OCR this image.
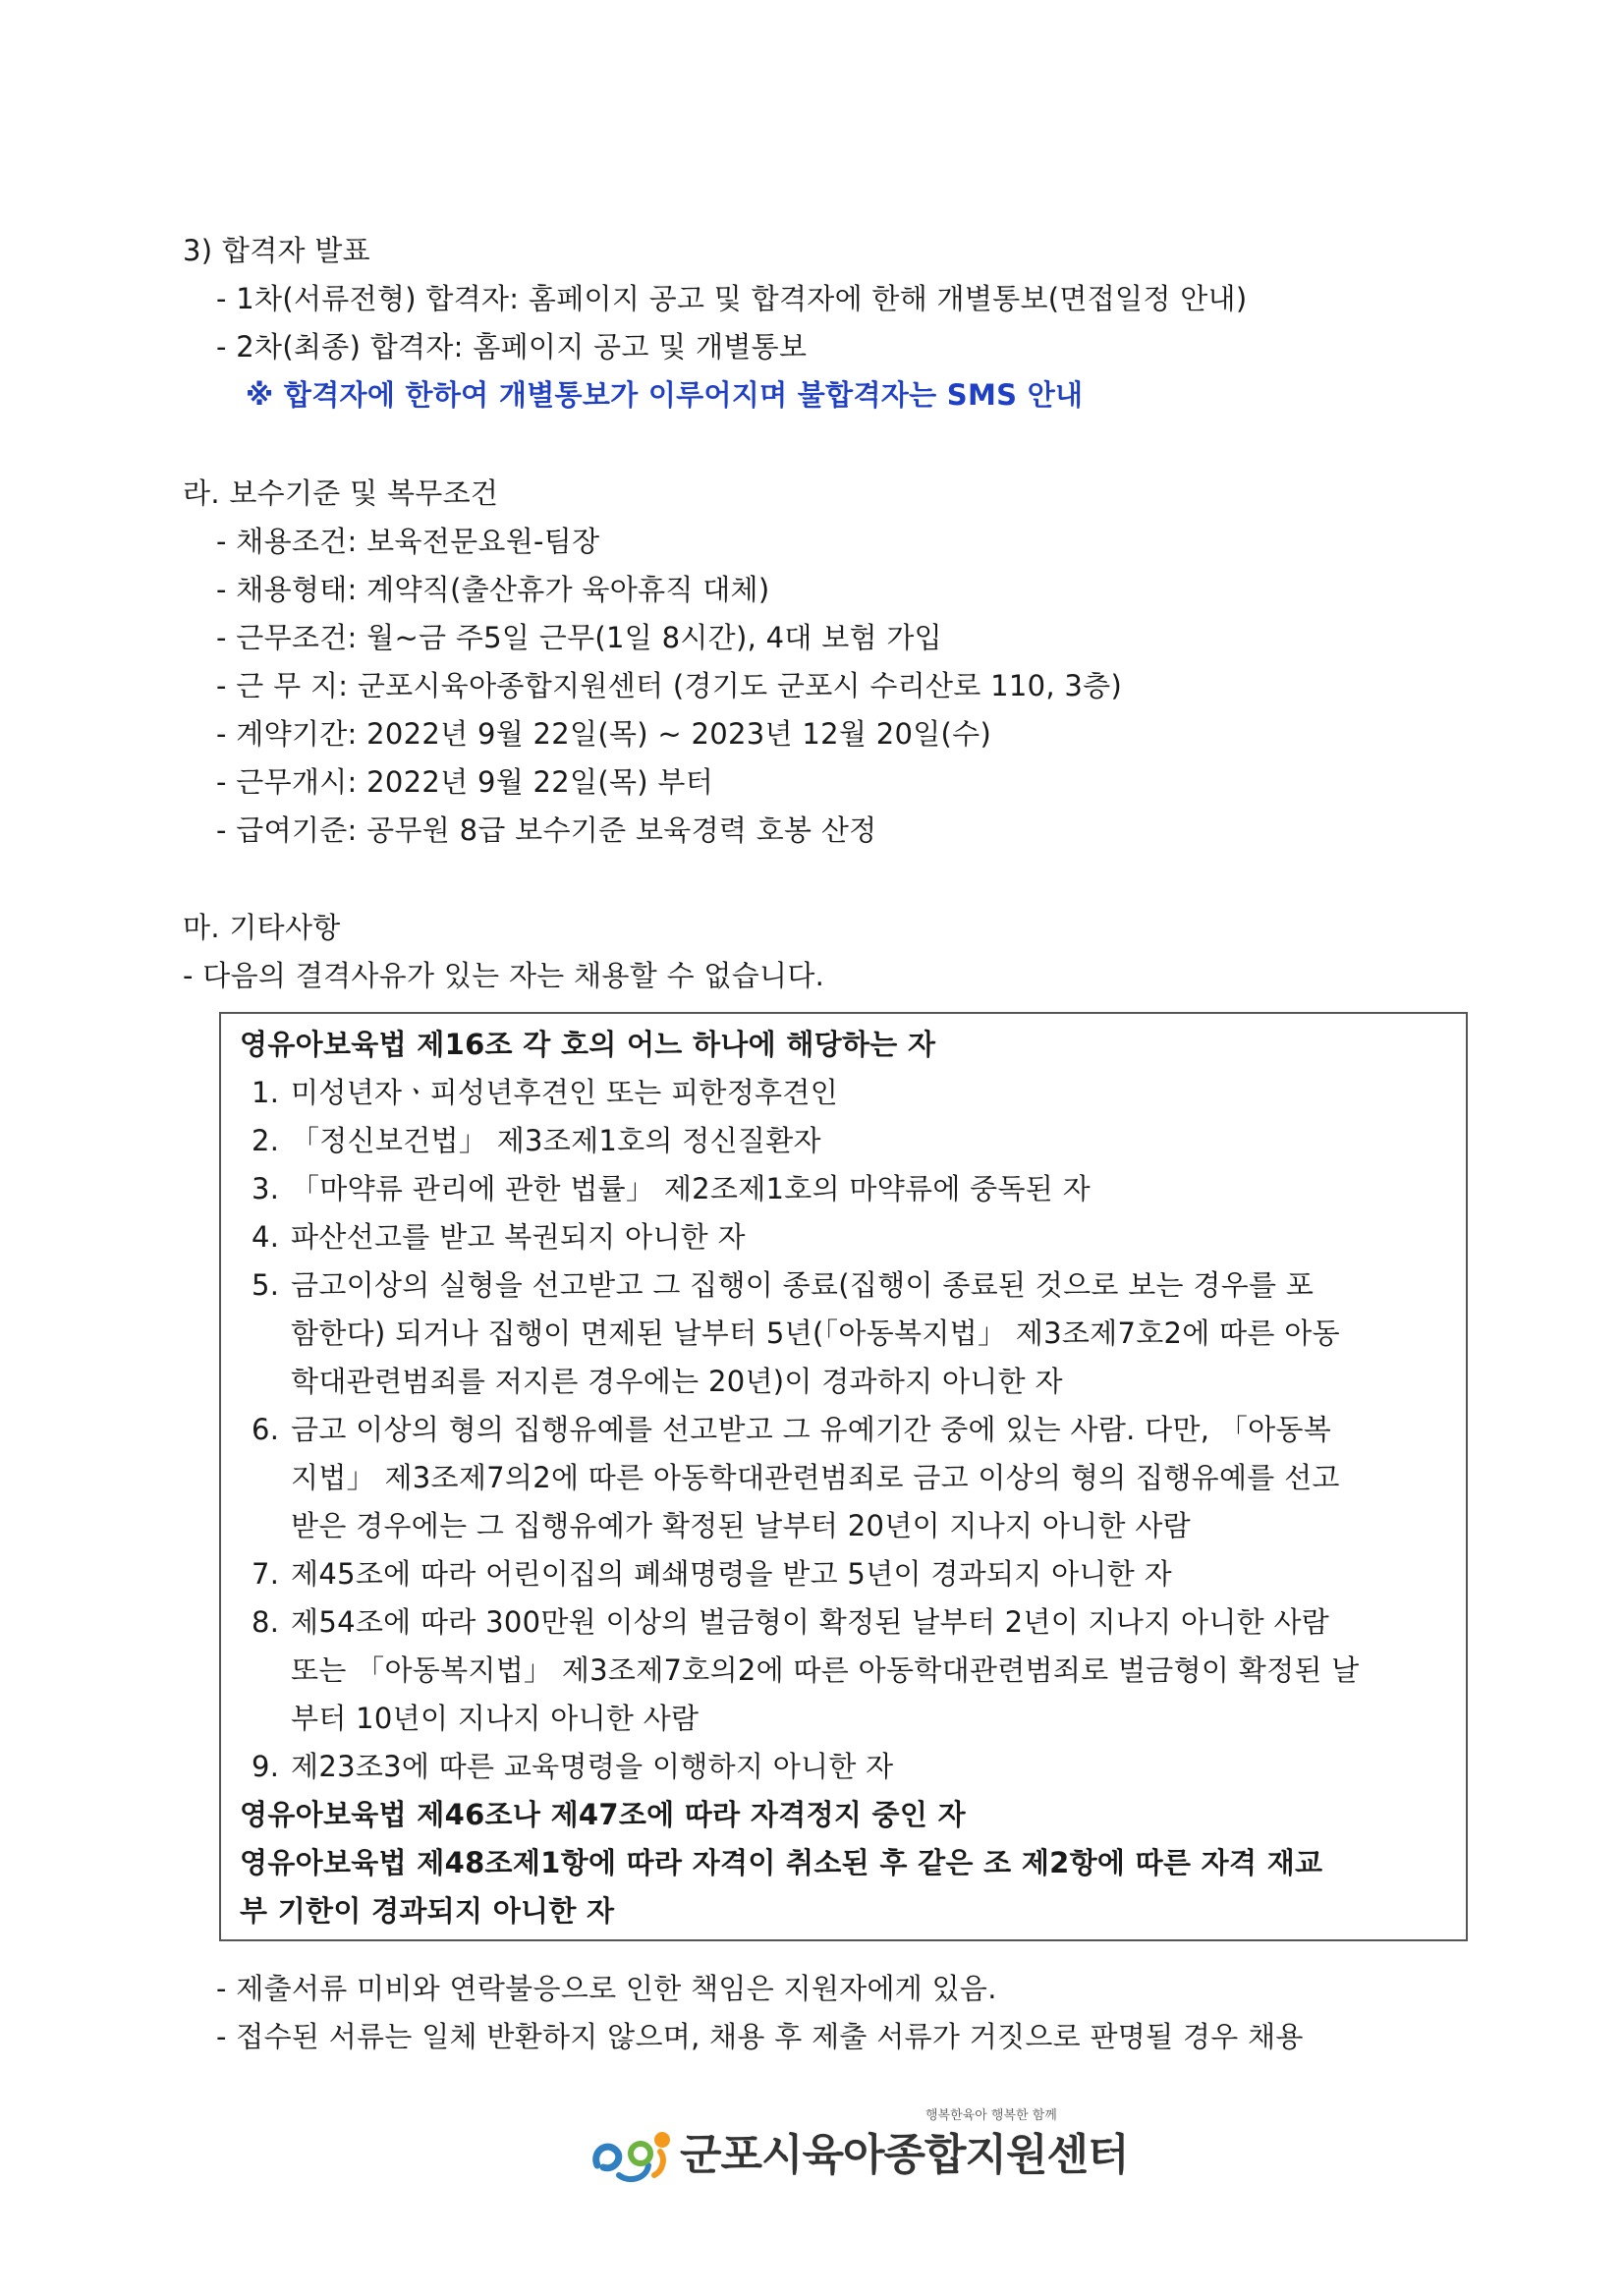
3) 합격자 발표
- 1차(서류전형) 합격자: 홈페이지 공고 및 합격자에 한해 개별통보(면접일정 안내)
- 2차(최종) 합격자: 홈페이지 공고 및 개별통보
※ 합격자에 한하여 개별통보가 이루어지며 불합격자는 SMS 안내
라. 보수기준 및 복무조건
- 채용조건: 보육전문요원-팀장
- 채용형태: 계약직(출산휴가 육아휴직 대체)
- 근무조건: 월~금 주5일 근무(1일 8시간), 4대 보험 가입
- 근 무 지: 군포시육아종합지원센터 (경기도 군포시 수리산로 110, 3층)
- 계약기간: 2022년 9월 22일(목) ~ 2023년 12월 20일(수)
- 근무개시: 2022년 9월 22일(목) 부터
- 급여기준: 공무원 8급 보수기준 보육경력 호봉 산정
마. 기타사항
- 다음의 결격사유가 있는 자는 채용할 수 없습니다.
영유아보육법 제16조 각 호의 어느 하나에 해당하는 자
1. 미성년자ㆍ피성년후견인 또는 피한정후견인
2. 「정신보건법」 제3조제1호의 정신질환자
3. 「마약류 관리에 관한 법률」 제2조제1호의 마약류에 중독된 자
4. 파산선고를 받고 복권되지 아니한 자
5. 금고이상의 실형을 선고받고 그 집행이 종료(집행이 종료된 것으로 보는 경우를 포
함한다) 되거나 집행이 면제된 날부터 5년(「아동복지법」 제3조제7호2에 따른 아동
학대관련범죄를 저지른 경우에는 20년)이 경과하지 아니한 자
6. 금고 이상의 형의 집행유예를 선고받고 그 유예기간 중에 있는 사람. 다만, 「아동복
지법」 제3조제7의2에 따른 아동학대관련범죄로 금고 이상의 형의 집행유예를 선고
받은 경우에는 그 집행유예가 확정된 날부터 20년이 지나지 아니한 사람
7. 제45조에 따라 어린이집의 폐쇄명령을 받고 5년이 경과되지 아니한 자
8. 제54조에 따라 300만원 이상의 벌금형이 확정된 날부터 2년이 지나지 아니한 사람
또는 「아동복지법」 제3조제7호의2에 따른 아동학대관련범죄로 벌금형이 확정된 날
부터 10년이 지나지 아니한 사람
9. 제23조3에 따른 교육명령을 이행하지 아니한 자
영유아보육법 제46조나 제47조에 따라 자격정지 중인 자
영유아보육법 제48조제1항에 따라 자격이 취소된 후 같은 조 제2항에 따른 자격 재교
부 기한이 경과되지 아니한 자
- 제출서류 미비와 연락불응으로 인한 책임은 지원자에게 있음.
- 접수된 서류는 일체 반환하지 않으며, 채용 후 제출 서류가 거짓으로 판명될 경우 채용
행복한육아 행복한 함께
군포시육아종합지원센터
